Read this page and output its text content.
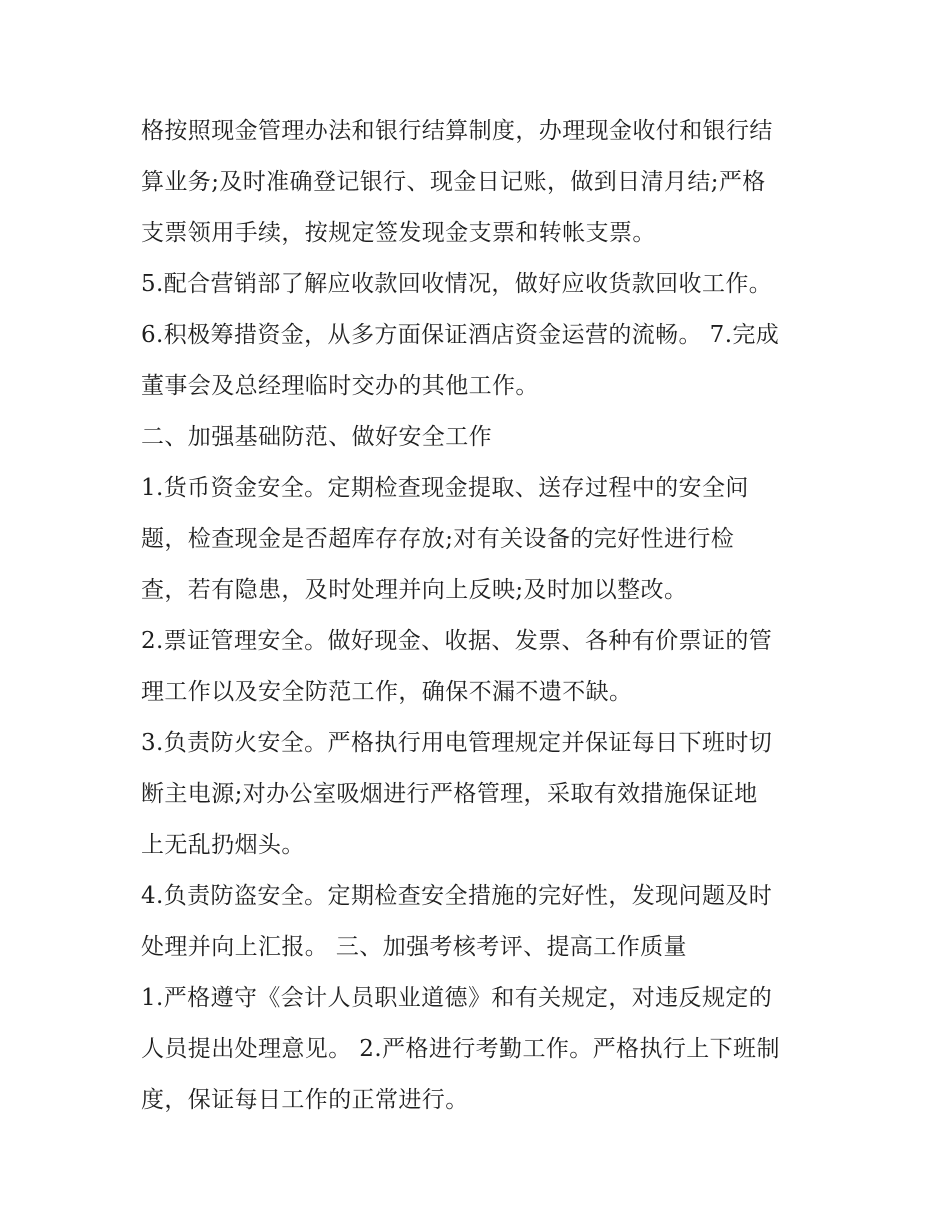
格按照现金管理办法和银行结算制度，办理现金收付和银行结
算业务;及时准确登记银行、现金日记账，做到日清月结;严格
支票领用手续，按规定签发现金支票和转帐支票。
5.配合营销部了解应收款回收情况，做好应收货款回收工作。
6.积极筹措资金，从多方面保证酒店资金运营的流畅。 7.完成
董事会及总经理临时交办的其他工作。
二、加强基础防范、做好安全工作
1.货币资金安全。定期检查现金提取、送存过程中的安全问
题，检查现金是否超库存存放;对有关设备的完好性进行检
查，若有隐患，及时处理并向上反映;及时加以整改。
2.票证管理安全。做好现金、收据、发票、各种有价票证的管
理工作以及安全防范工作，确保不漏不遗不缺。
3.负责防火安全。严格执行用电管理规定并保证每日下班时切
断主电源;对办公室吸烟进行严格管理，采取有效措施保证地
上无乱扔烟头。
4.负责防盗安全。定期检查安全措施的完好性，发现问题及时
处理并向上汇报。 三、加强考核考评、提高工作质量
1.严格遵守《会计人员职业道德》和有关规定，对违反规定的
人员提出处理意见。 2.严格进行考勤工作。严格执行上下班制
度，保证每日工作的正常进行。
